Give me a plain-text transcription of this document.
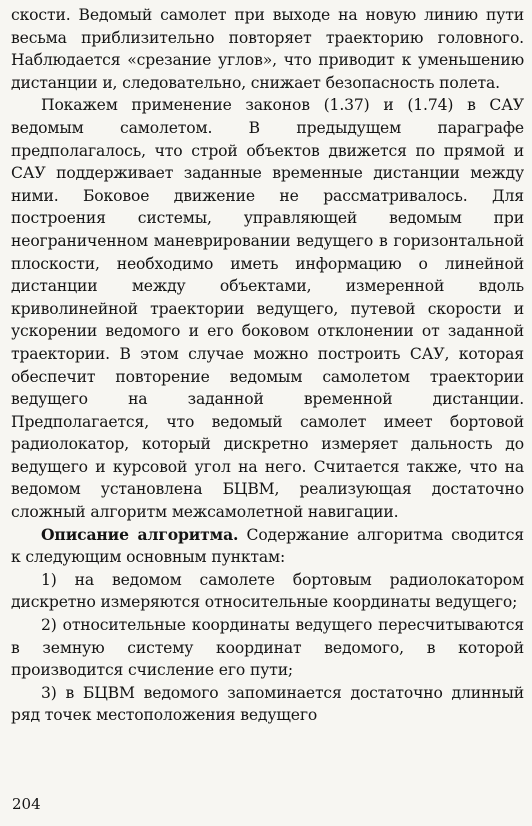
скости. Ведомый самолет при выходе на новую линию пути весьма приблизительно повторяет траекторию головного. Наблюдается «срезание углов», что приводит к уменьшению дистанции и, следовательно, снижает безопасность полета.

Покажем применение законов (1.37) и (1.74) в САУ ведомым самолетом. В предыдущем параграфе предполагалось, что строй объектов движется по прямой и САУ поддерживает заданные временные дистанции между ними. Боковое движение не рассматривалось. Для построения системы, управляющей ведомым при неограниченном маневрировании ведущего в горизонтальной плоскости, необходимо иметь информацию о линейной дистанции между объектами, измеренной вдоль криволинейной траектории ведущего, путевой скорости и ускорении ведомого и его боковом отклонении от заданной траектории. В этом случае можно построить САУ, которая обеспечит повторение ведомым самолетом траектории ведущего на заданной временной дистанции. Предполагается, что ведомый самолет имеет бортовой радиолокатор, который дискретно измеряет дальность до ведущего и курсовой угол на него. Считается также, что на ведомом установлена БЦВМ, реализующая достаточно сложный алгоритм межсамолетной навигации.

Описание алгоритма. Содержание алгоритма сводится к следующим основным пунктам:

1) на ведомом самолете бортовым радиолокатором дискретно измеряются относительные координаты ведущего;

2) относительные координаты ведущего пересчитываются в земную систему координат ведомого, в которой производится счисление его пути;

3) в БЦВМ ведомого запоминается достаточно длинный ряд точек местоположения ведущего

204
